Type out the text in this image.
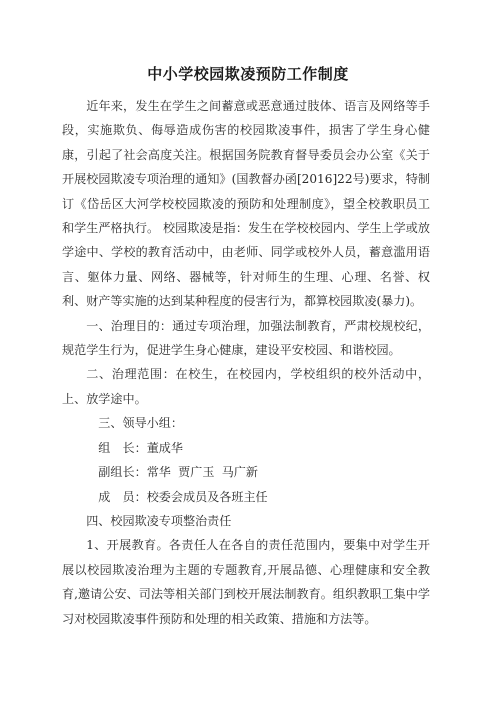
中小学校园欺凌预防工作制度

近年来，发生在学生之间蓄意或恶意通过肢体、语言及网络等手段，实施欺负、侮辱造成伤害的校园欺凌事件，损害了学生身心健康，引起了社会高度关注。根据国务院教育督导委员会办公室《关于开展校园欺凌专项治理的通知》(国教督办函[2016]22号)要求，特制订《岱岳区大河学校校园欺凌的预防和处理制度》，望全校教职员工和学生严格执行。 校园欺凌是指：发生在学校校园内、学生上学或放学途中、学校的教育活动中，由老师、同学或校外人员，蓄意滥用语言、躯体力量、网络、器械等，针对师生的生理、心理、名誉、权利、财产等实施的达到某种程度的侵害行为，都算校园欺凌(暴力)。

一、治理目的：通过专项治理，加强法制教育，严肃校规校纪，规范学生行为，促进学生身心健康，建设平安校园、和谐校园。

二、治理范围：在校生，在校园内，学校组织的校外活动中，上、放学途中。

三、领导小组：

组　长：董成华

副组长：常华 贾广玉 马广新

成　员：校委会成员及各班主任

四、校园欺凌专项整治责任

1、开展教育。各责任人在各自的责任范围内，要集中对学生开展以校园欺凌治理为主题的专题教育,开展品德、心理健康和安全教育,邀请公安、司法等相关部门到校开展法制教育。组织教职工集中学习对校园欺凌事件预防和处理的相关政策、措施和方法等。
